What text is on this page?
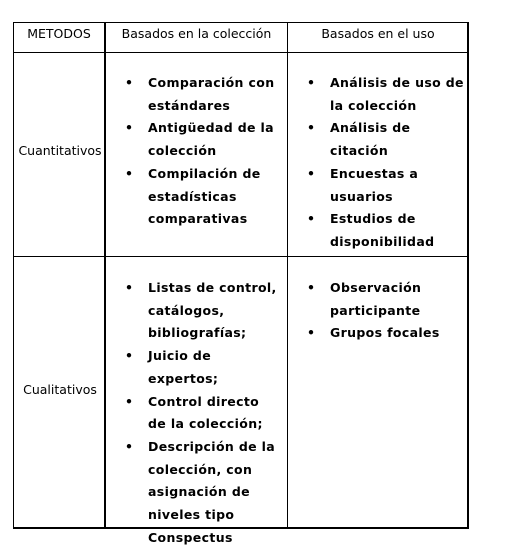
METODOS	Basados en la colección	Basados en el uso
Cuantitativos
Cualitativos
• Comparación con estándares
• Antigüedad de la colección
• Compilación de estadísticas comparativas
• Análisis de uso de la colección
• Análisis de citación
• Encuestas a usuarios
• Estudios de disponibilidad
• Listas de control, catálogos, bibliografías;
• Juicio de expertos;
• Control directo de la colección;
• Descripción de la colección, con asignación de niveles tipo Conspectus
• Observación participante
• Grupos focales
